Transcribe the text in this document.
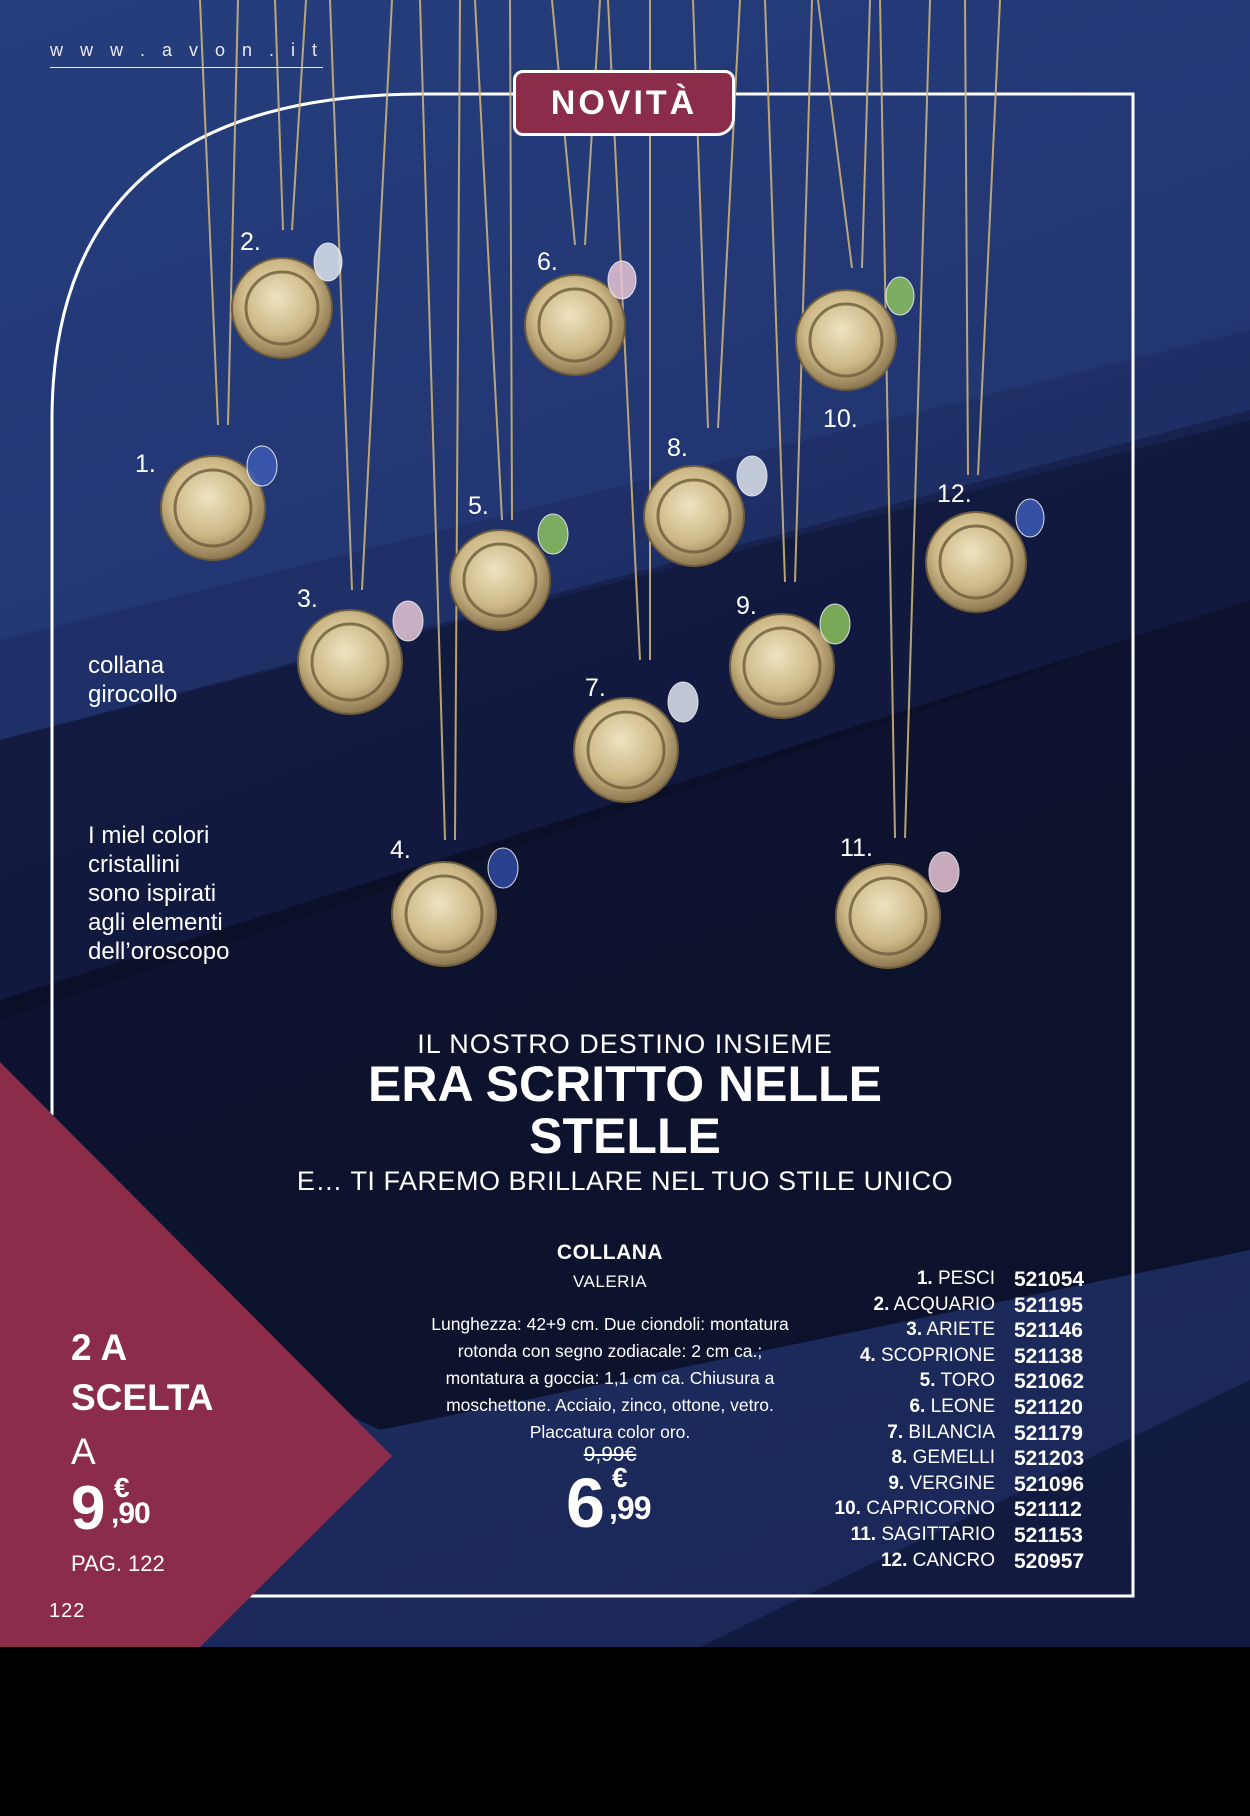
w w w . a v o n . i t
NOVITÀ
1.
2.
3.
4.
5.
6.
7.
8.
9.
10.
11.
12.
collana
girocollo
I miel colori
cristallini
sono ispirati
agli elementi
dell’oroscopo
IL NOSTRO DESTINO INSIEME
ERA SCRITTO NELLE
STELLE
E… TI FAREMO BRILLARE NEL TUO STILE UNICO
COLLANA
VALERIA
Lunghezza: 42+9 cm. Due ciondoli: montatura
rotonda con segno zodiacale: 2 cm ca.;
montatura a goccia: 1,1 cm ca. Chiusura a
moschettone. Acciaio, zinco, ottone, vetro.
Placcatura color oro.
9,99€
6 €
,99
1. PESCI 521054
2. ACQUARIO 521195
3. ARIETE 521146
4. SCOPRIONE 521138
5. TORO 521062
6. LEONE 521120
7. BILANCIA 521179
8. GEMELLI 521203
9. VERGINE 521096
10. CAPRICORNO 521112
11. SAGITTARIO 521153
12. CANCRO 520957
2 A
SCELTA
A
9 €
,90
PAG. 122
122
